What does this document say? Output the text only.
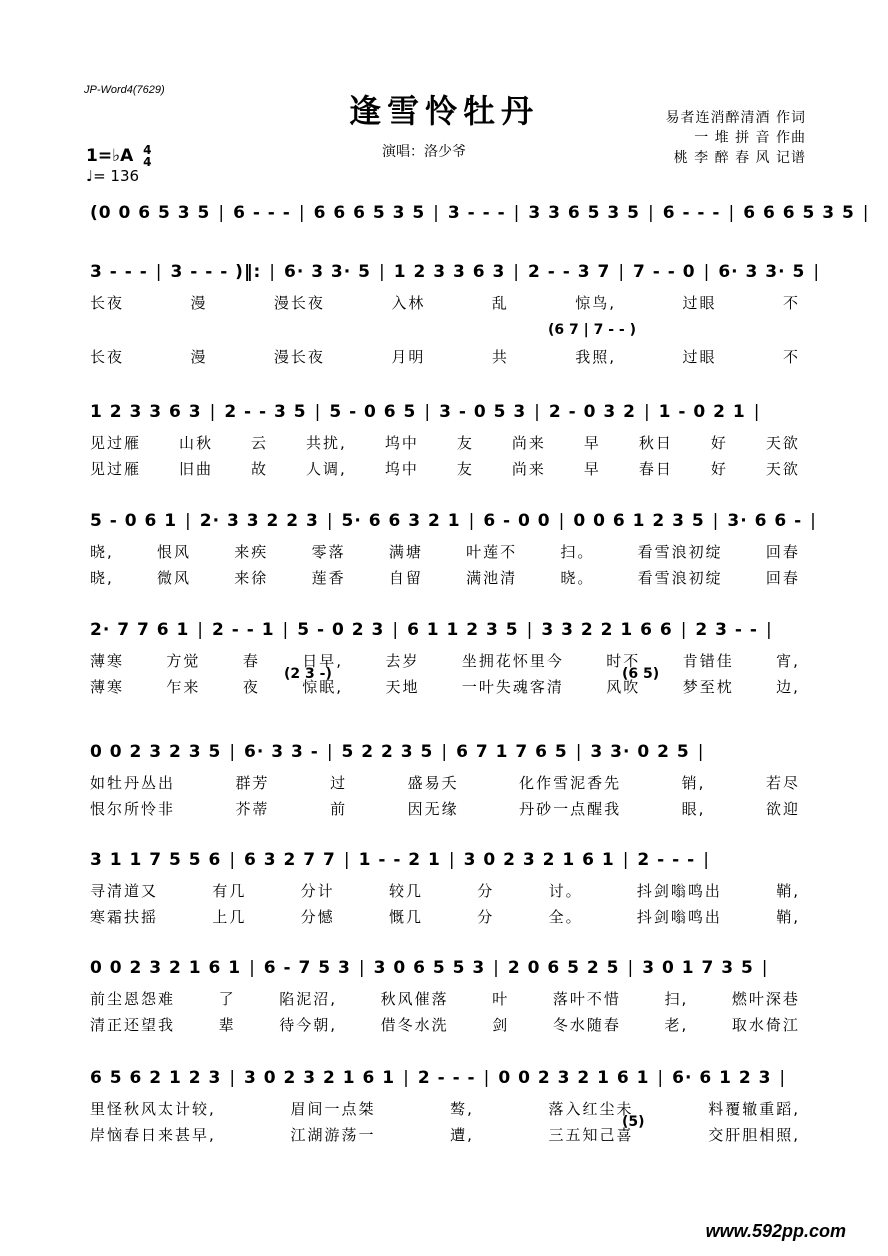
JP-Word4(7629)
逢雪怜牡丹	易者连消醉清酒 作词
一 堆 拼 音 作曲
桃 李 醉 春 风 记谱
演唱：洛少爷
1=♭A 4
4
♩= 136
(0 0 6 5 3 5 | 6 - - - | 6 6 6 5 3 5 | 3 - - - | 3 3 6 5 3 5 | 6 - - - | 6 6 6 5 3 5 |
3 - - - | 3 - - - )‖: | 6· 3 3· 5 | 1 2 3 3 6 3 | 2 - - 3 7 | 7 - - 0 | 6· 3 3· 5 |
长夜	漫	漫长夜	入林	乱	惊鸟,	过眼	不
长夜	漫	漫长夜	月明	共	我照,	过眼	不
(6 7 | 7 - - )
1 2 3 3 6 3 | 2 - - 3 5 | 5 - 0 6 5 | 3 - 0 5 3 | 2 - 0 3 2 | 1 - 0 2 1 |
见过雁	山秋	云	共扰,	坞中	友	尚来	早	秋日	好	天欲
见过雁	旧曲	故	人调,	坞中	友	尚来	早	春日	好	天欲
5 - 0 6 1 | 2· 3 3 2 2 3 | 5· 6 6 3 2 1 | 6 - 0 0 | 0 0 6 1 2 3 5 | 3· 6 6 - |
晓,	恨风	来疾	零落	满塘	叶莲不	扫。	看雪浪初绽	回春
晓,	微风	来徐	莲香	自留	满池清	晓。	看雪浪初绽	回春
2· 7 7 6 1 | 2 - - 1 | 5 - 0 2 3 | 6 1 1 2 3 5 | 3 3 2 2 1 6 6 | 2 3 - - |
薄寒	方觉	春	日早,	去岁	坐拥花怀里今	时不	肯错佳	宵,
薄寒	乍来	夜	惊眠,	天地	一叶失魂客清	风吹	梦至枕	边,
(2 3 -)	(6 5)
0 0 2 3 2 3 5 | 6· 3 3 - | 5 2 2 3 5 | 6 7 1 7 6 5 | 3 3· 0 2 5 |
如牡丹丛出	群芳	过	盛易夭	化作雪泥香先	销,	若尽
恨尔所怜非	芥蒂	前	因无缘	丹砂一点醒我	眼,	欲迎
3 1 1 7 5 5 6 | 6 3 2 7 7 | 1 - - 2 1 | 3 0 2 3 2 1 6 1 | 2 - - - |
寻清道又	有几	分计	较几	分	讨。	抖剑嗡鸣出	鞘,
寒霜扶摇	上几	分憾	慨几	分	全。	抖剑嗡鸣出	鞘,
0 0 2 3 2 1 6 1 | 6 - 7 5 3 | 3 0 6 5 5 3 | 2 0 6 5 2 5 | 3 0 1 7 3 5 |
前尘恩怨难	了	陷泥沼,	秋风催落	叶	落叶不惜	扫,	燃叶深巷
清正还望我	辈	待今朝,	借冬水洗	剑	冬水随春	老,	取水倚江
6 5 6 2 1 2 3 | 3 0 2 3 2 1 6 1 | 2 - - - | 0 0 2 3 2 1 6 1 | 6· 6 1 2 3 |
里怪秋风太计较,	眉间一点桀	骜,	落入红尘未	料覆辙重蹈,
岸恼春日来甚早,	江湖游荡一	遭,	三五知己喜	交肝胆相照,
(5)
www.592pp.com
